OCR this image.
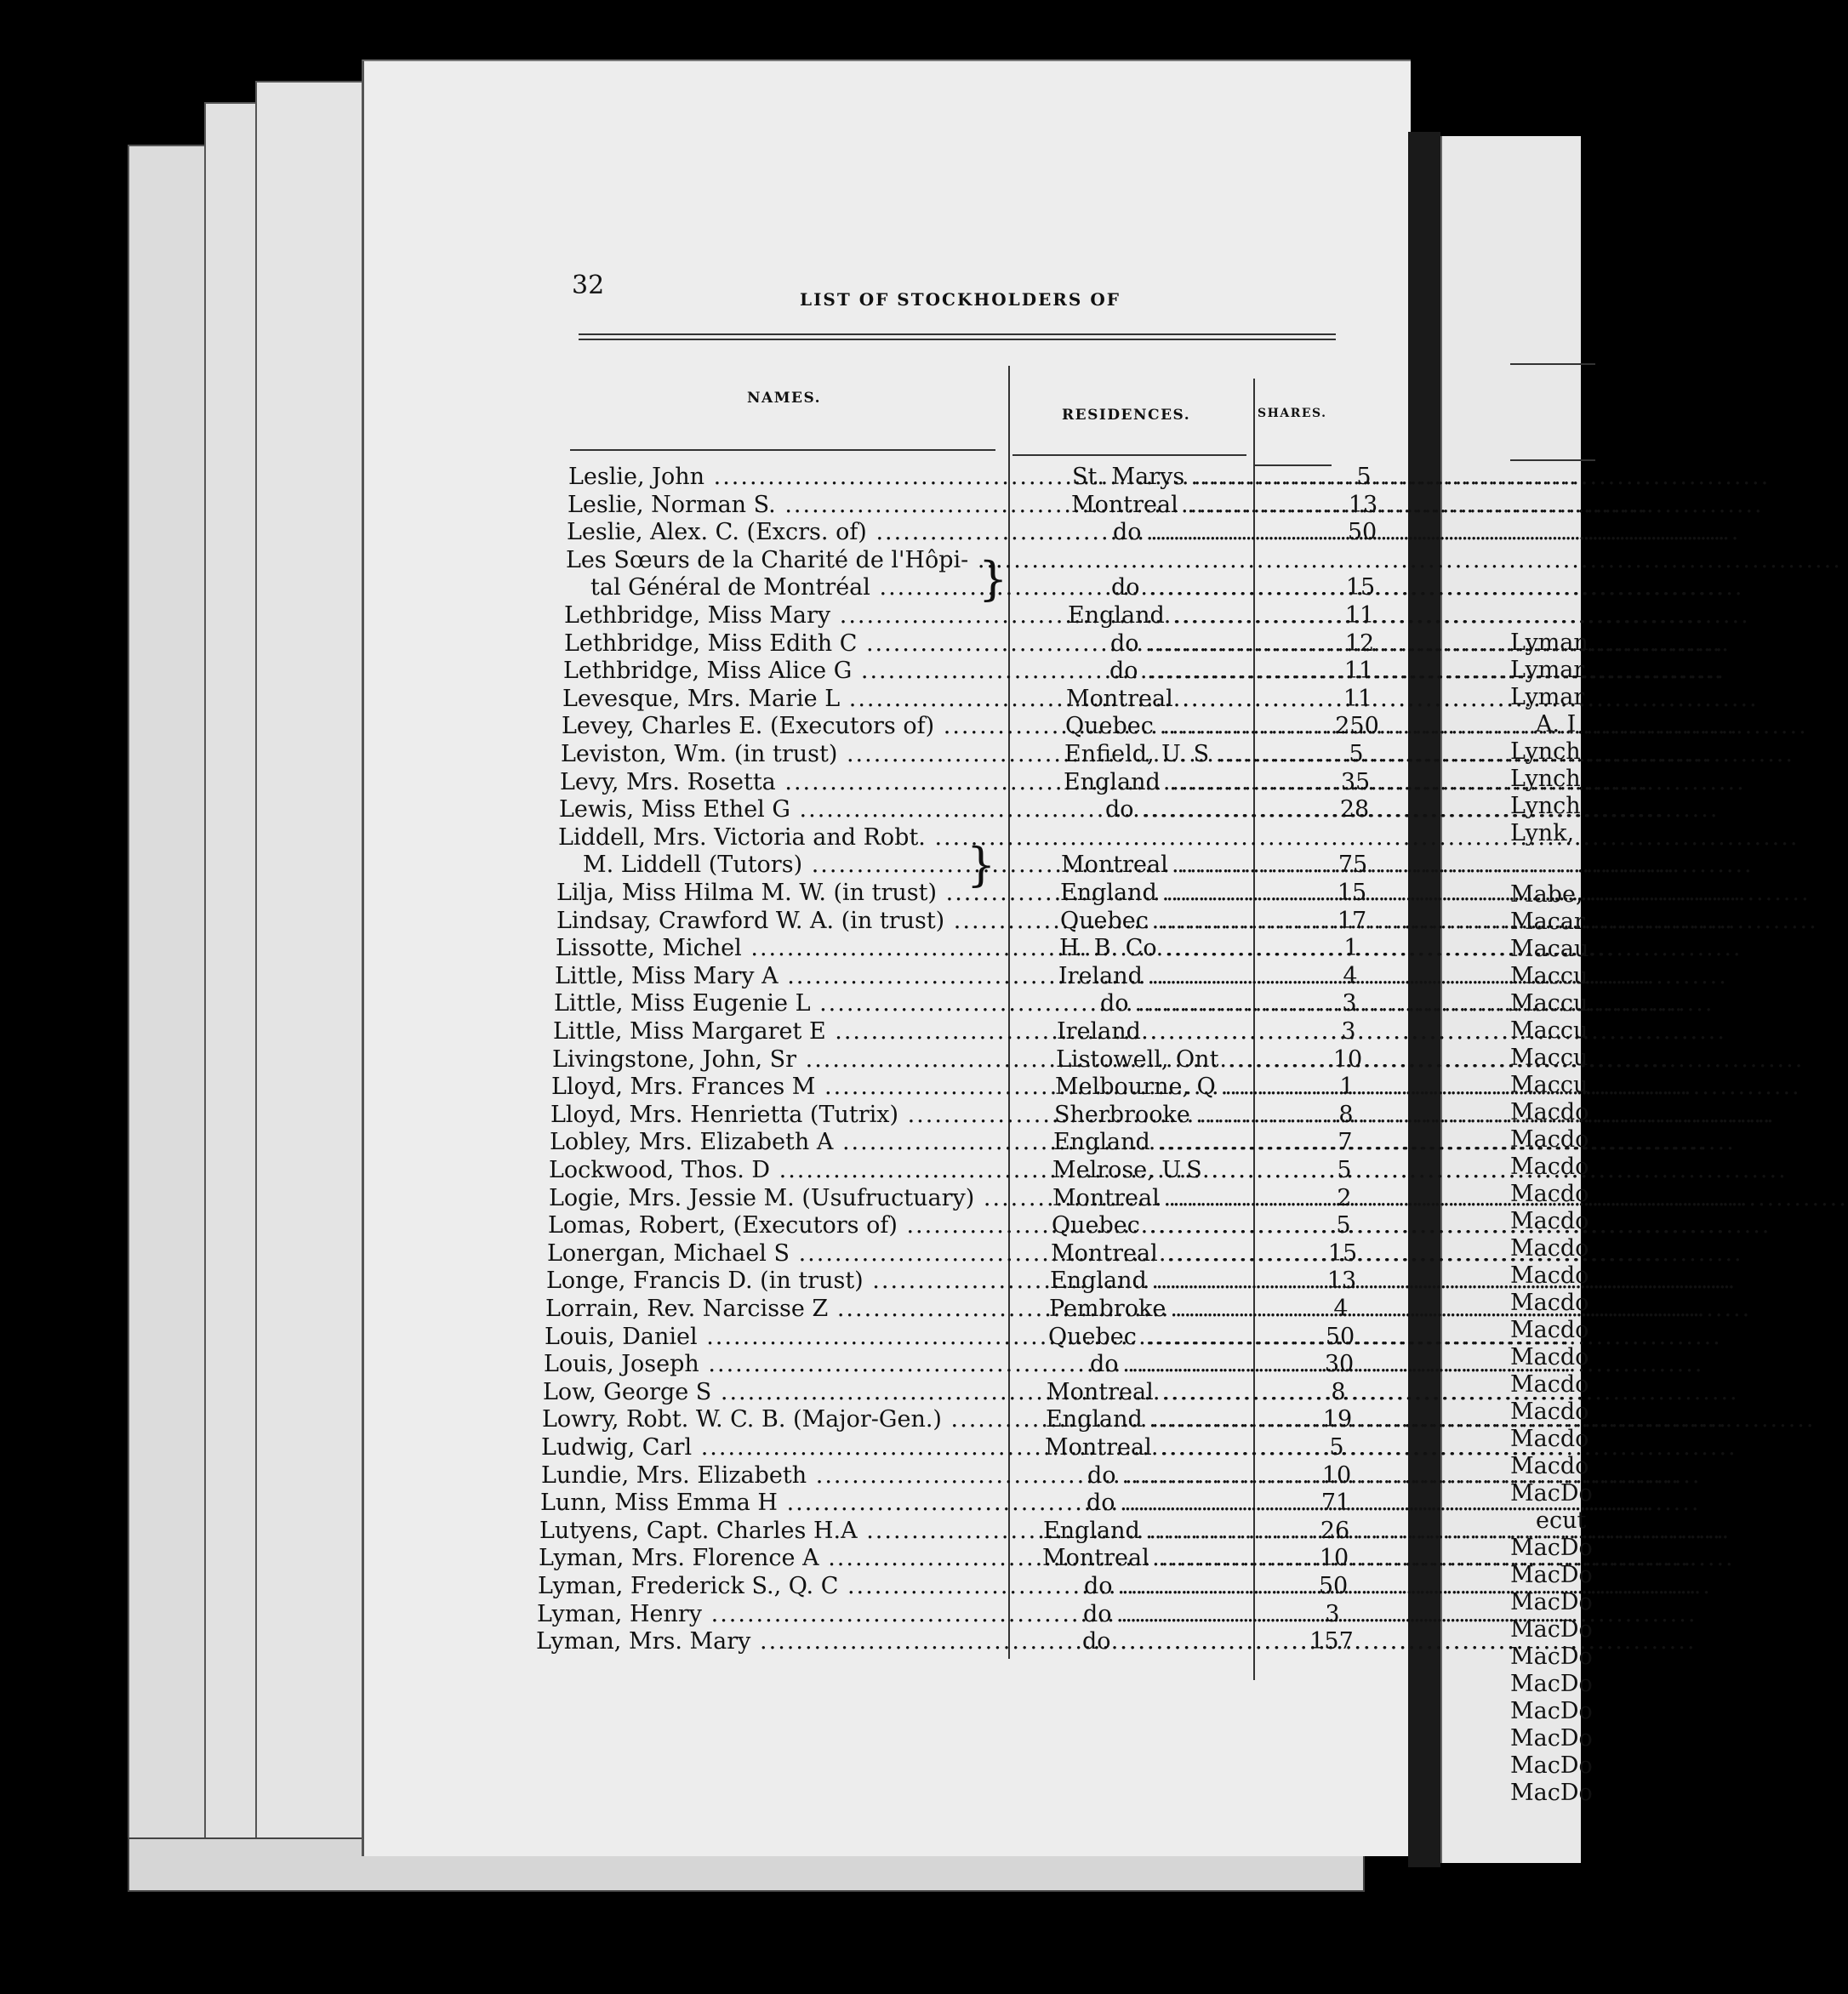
Lyman
Lymar
Lymar
A. I
Lynch
Lynch
Lynch
Lynk,
Mabe,
Macar
Macau
Maccu
Maccu
Maccu
Maccu
Maccu
Macdo
Macdo
Macdo
Macdo
Macdo
Macdo
Macdo
Macdo
Macdo
Macdo
Macdo
Macdo
Macdo
Macdo
MacDo
ecut
MacDo
MacDo
MacDo
MacDo
MacDo
MacDo
MacDo
MacDo
MacDo
MacDo
32	LIST OF STOCKHOLDERS OF
NAMES.
RESIDENCES.	SHARES.
Leslie, John .....	St. Marys .....	5
Leslie, Norman S. .....	Montreal .....	13
Leslie, Alex. C. (Excrs. of) .....	do .....	50
Les Sœurs de la Charité de l'Hôpi- .....
tal Général de Montréal .....	do .....	15
Lethbridge, Miss Mary .....	England .....	11
Lethbridge, Miss Edith C .....	do .....	12
Lethbridge, Miss Alice G .....	do .....	11
Levesque, Mrs. Marie L .....	Montreal .....	11
Levey, Charles E. (Executors of) .....	Quebec .....	250
Leviston, Wm. (in trust) .....	Enfield, U. S .....	5
Levy, Mrs. Rosetta .....	England .....	35
Lewis, Miss Ethel G .....	do .....	28
Liddell, Mrs. Victoria and Robt. .....
M. Liddell (Tutors) .....	Montreal .....	75
Lilja, Miss Hilma M. W. (in trust) .....	England .....	15
Lindsay, Crawford W. A. (in trust) .....	Quebec .....	17
Lissotte, Michel .....	H. B. Co .....	1
Little, Miss Mary A .....	Ireland .....	4
Little, Miss Eugenie L .....	do .....	3
Little, Miss Margaret E .....	Ireland .....	3
Livingstone, John, Sr .....	Listowell, Ont .....	10
Lloyd, Mrs. Frances M .....	Melbourne, Q .....	1
Lloyd, Mrs. Henrietta (Tutrix) .....	Sherbrooke .....	8
Lobley, Mrs. Elizabeth A .....	England .....	7
Lockwood, Thos. D .....	Melrose, U.S .....	5
Logie, Mrs. Jessie M. (Usufructuary) .....	Montreal .....	2
Lomas, Robert, (Executors of) .....	Quebec .....	5
Lonergan, Michael S .....	Montreal .....	15
Longe, Francis D. (in trust) .....	England .....	13
Lorrain, Rev. Narcisse Z .....	Pembroke .....	4
Louis, Daniel .....	Quebec .....	50
Louis, Joseph .....	do .....	30
Low, George S .....	Montreal .....	8
Lowry, Robt. W. C. B. (Major-Gen.) .....	England .....	19
Ludwig, Carl .....	Montreal .....	5
Lundie, Mrs. Elizabeth .....	do .....	10
Lunn, Miss Emma H .....	do .....	71
Lutyens, Capt. Charles H.A .....	England .....	26
Lyman, Mrs. Florence A .....	Montreal .....	10
Lyman, Frederick S., Q. C .....	do .....	50
Lyman, Henry .....	do .....	3
Lyman, Mrs. Mary .....	do .....	157
}
}
